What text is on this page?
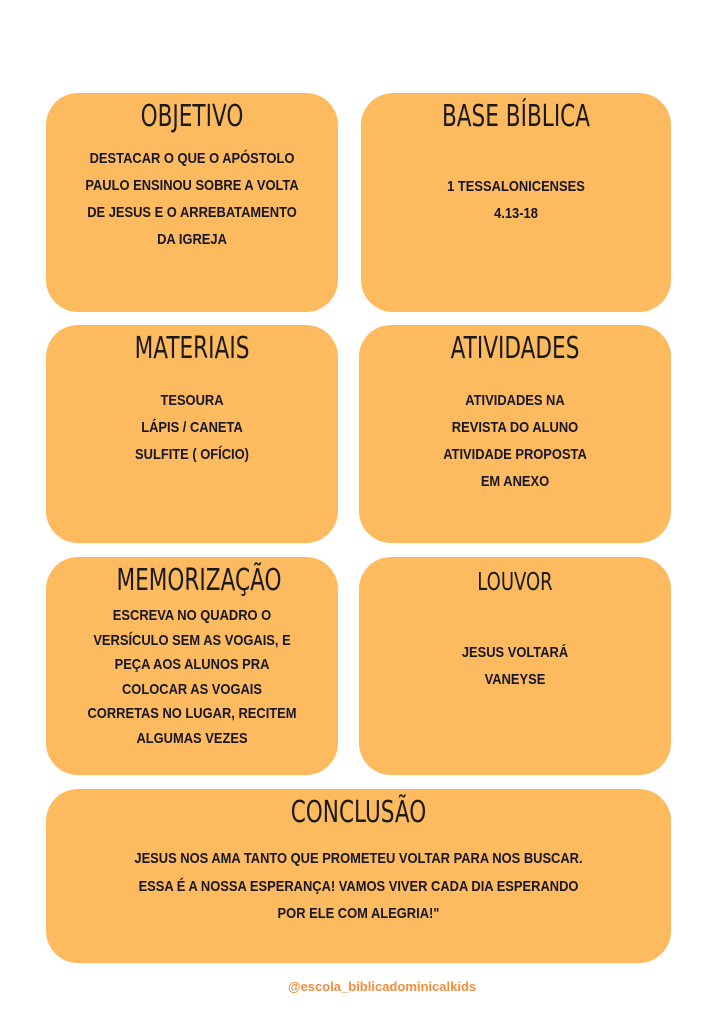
OBJETIVO
DESTACAR O QUE O APÓSTOLO
PAULO ENSINOU SOBRE A VOLTA
DE JESUS E O ARREBATAMENTO
DA IGREJA
BASE BÍBLICA
1 TESSALONICENSES
4.13-18
MATERIAIS
TESOURA
LÁPIS / CANETA
SULFITE ( OFÍCIO)
ATIVIDADES
ATIVIDADES NA
REVISTA DO ALUNO
ATIVIDADE PROPOSTA
EM ANEXO
MEMORIZAÇÃO
ESCREVA NO QUADRO O
VERSÍCULO SEM AS VOGAIS, E
PEÇA AOS ALUNOS PRA
COLOCAR AS VOGAIS
CORRETAS NO LUGAR, RECITEM
ALGUMAS VEZES
LOUVOR
JESUS VOLTARÁ
VANEYSE
CONCLUSÃO
JESUS NOS AMA TANTO QUE PROMETEU VOLTAR PARA NOS BUSCAR.
ESSA É A NOSSA ESPERANÇA! VAMOS VIVER CADA DIA ESPERANDO
POR ELE COM ALEGRIA!"
@escola_biblicadominicalkids
